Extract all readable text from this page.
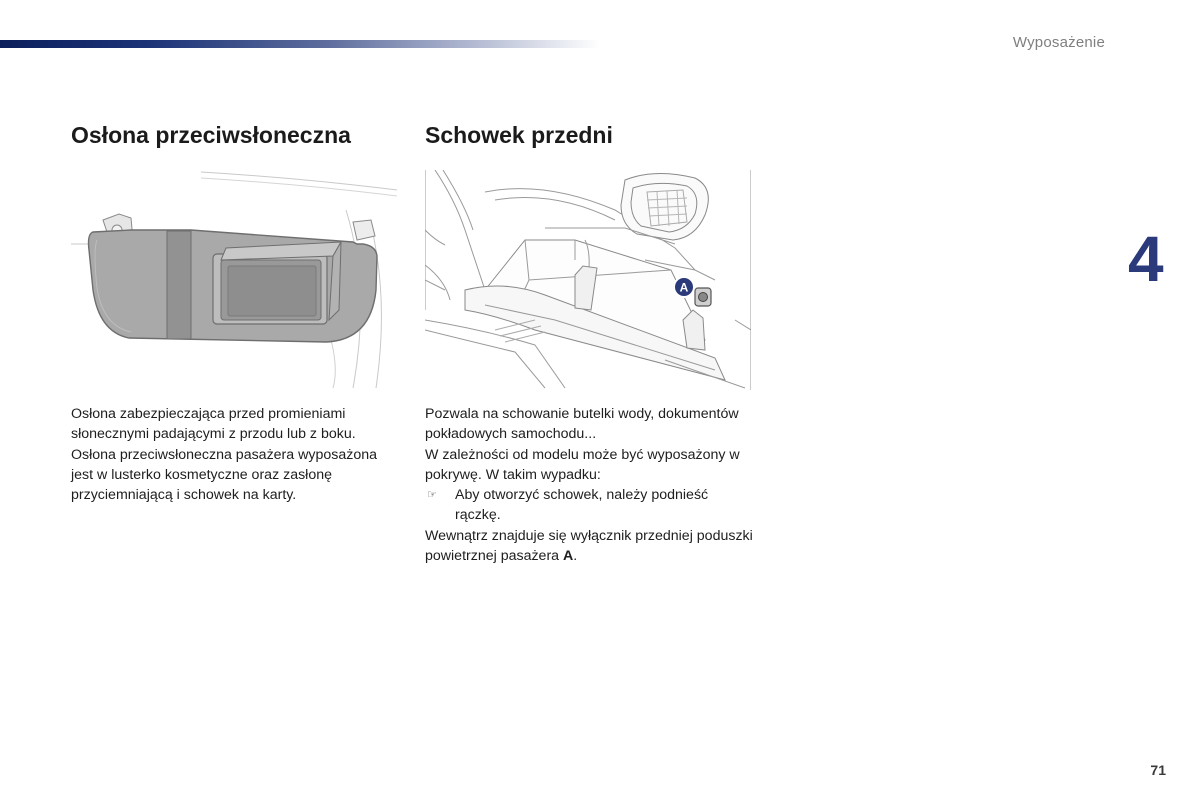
Wyposażenie
4
Osłona przeciwsłoneczna

Osłona zabezpieczająca przed promieniami słonecznymi padającymi z przodu lub z boku.

Osłona przeciwsłoneczna pasażera wyposażona jest w lusterko kosmetyczne oraz zasłonę przyciemniającą i schowek na karty.

Schowek przedni
A

Pozwala na schowanie butelki wody, dokumentów pokładowych samochodu...

W zależności od modelu może być wyposażony w pokrywę. W takim wypadku:

☞	Aby otworzyć schowek, należy podnieść rączkę.

Wewnątrz znajduje się wyłącznik przedniej poduszki powietrznej pasażera A.

71
